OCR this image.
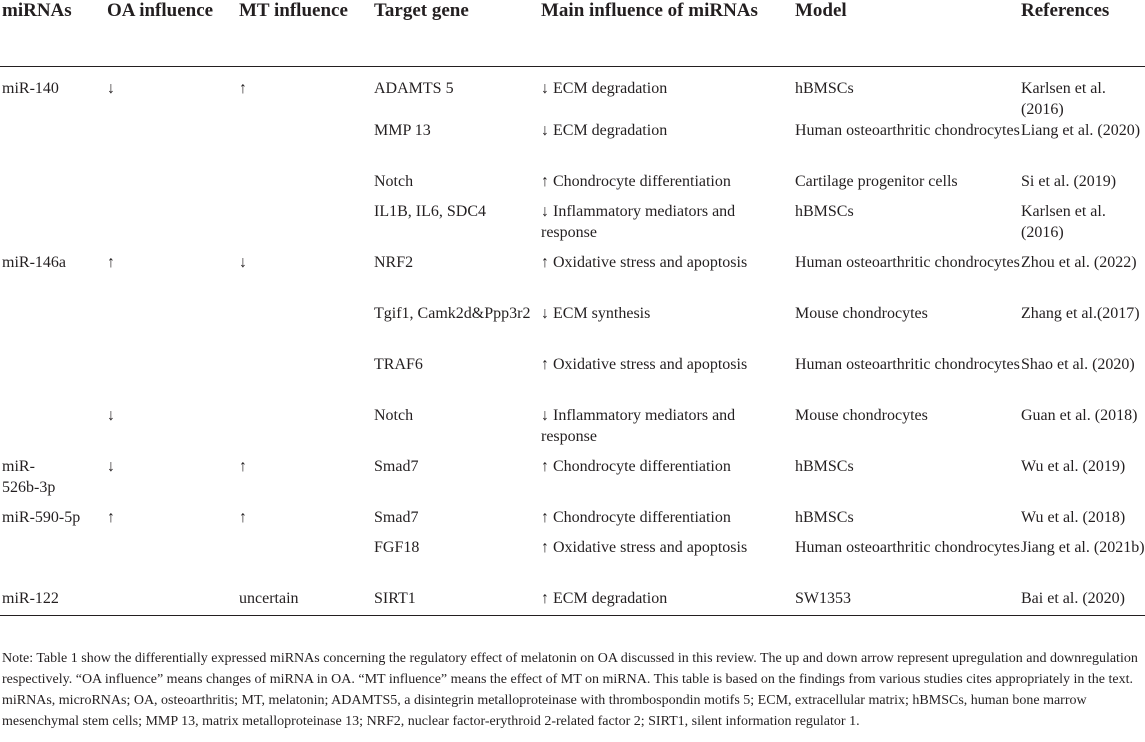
miRNAs	OA influence	MT influence	Target gene	Main influence of miRNAs	Model	References
miR-140	↓	↑	ADAMTS 5	↓ ECM degradation	hBMSCs	Karlsen et al. (2016)
			MMP 13	↓ ECM degradation	Human osteoarthritic chondrocytes	Liang et al. (2020)
			Notch	↑ Chondrocyte differentiation	Cartilage progenitor cells	Si et al. (2019)
			IL1B, IL6, SDC4	↓ Inflammatory mediators and response	hBMSCs	Karlsen et al. (2016)
miR-146a	↑	↓	NRF2	↑ Oxidative stress and apoptosis	Human osteoarthritic chondrocytes	Zhou et al. (2022)
			Tgif1, Camk2d&Ppp3r2	↓ ECM synthesis	Mouse chondrocytes	Zhang et al.(2017)
			TRAF6	↑ Oxidative stress and apoptosis	Human osteoarthritic chondrocytes	Shao et al. (2020)
	↓		Notch	↓ Inflammatory mediators and response	Mouse chondrocytes	Guan et al. (2018)
miR-526b-3p	↓	↑	Smad7	↑ Chondrocyte differentiation	hBMSCs	Wu et al. (2019)
miR-590-5p	↑	↑	Smad7	↑ Chondrocyte differentiation	hBMSCs	Wu et al. (2018)
			FGF18	↑ Oxidative stress and apoptosis	Human osteoarthritic chondrocytes	Jiang et al. (2021b)
miR-122		uncertain	SIRT1	↑ ECM degradation	SW1353	Bai et al. (2020)

Note: Table 1 show the differentially expressed miRNAs concerning the regulatory effect of melatonin on OA discussed in this review. The up and down arrow represent upregulation and downregulation respectively. “OA influence” means changes of miRNA in OA. “MT influence” means the effect of MT on miRNA. This table is based on the findings from various studies cites appropriately in the text. miRNAs, microRNAs; OA, osteoarthritis; MT, melatonin; ADAMTS5, a disintegrin metalloproteinase with thrombospondin motifs 5; ECM, extracellular matrix; hBMSCs, human bone marrow mesenchymal stem cells; MMP 13, matrix metalloproteinase 13; NRF2, nuclear factor-erythroid 2-related factor 2; SIRT1, silent information regulator 1.
